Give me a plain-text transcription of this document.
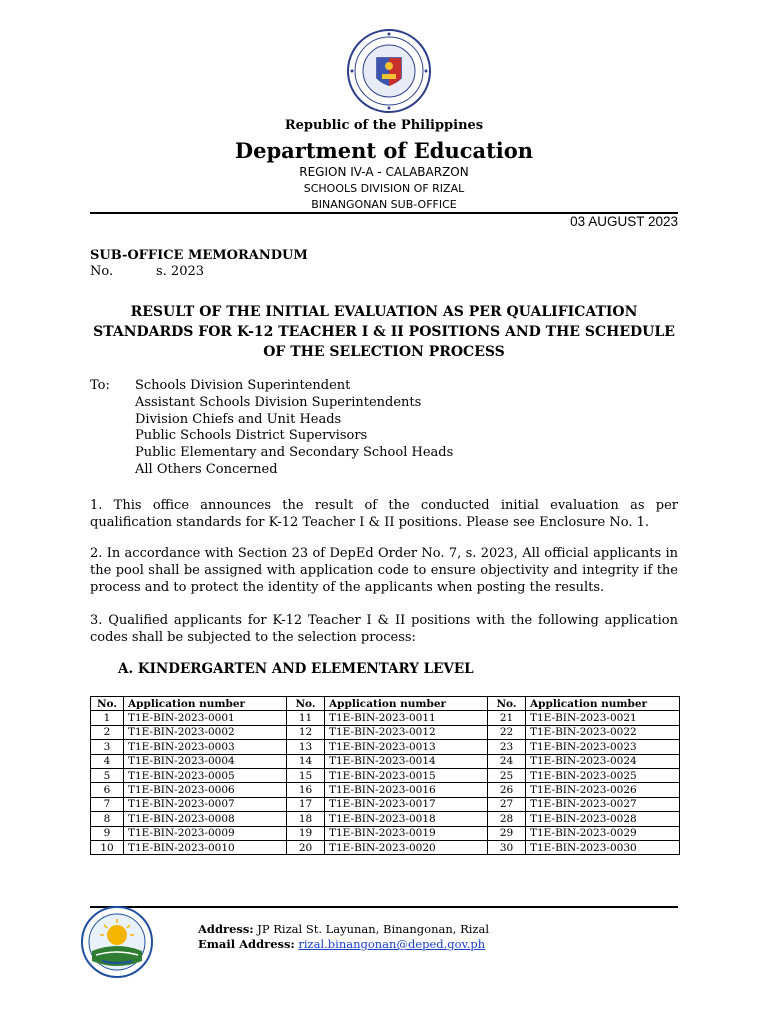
Republic of the Philippines
Department of Education
REGION IV-A - CALABARZON
SCHOOLS DIVISION OF RIZAL
BINANGONAN SUB-OFFICE
03 AUGUST 2023
SUB-OFFICE MEMORANDUM
No.	s. 2023
RESULT OF THE INITIAL EVALUATION AS PER QUALIFICATION STANDARDS FOR K-12 TEACHER I & II POSITIONS AND THE SCHEDULE OF THE SELECTION PROCESS
To: Schools Division Superintendent
Assistant Schools Division Superintendents
Division Chiefs and Unit Heads
Public Schools District Supervisors
Public Elementary and Secondary School Heads
All Others Concerned

1. This office announces the result of the conducted initial evaluation as per qualification standards for K-12 Teacher I & II positions. Please see Enclosure No. 1.

2. In accordance with Section 23 of DepEd Order No. 7, s. 2023, All official applicants in the pool shall be assigned with application code to ensure objectivity and integrity if the process and to protect the identity of the applicants when posting the results.

3. Qualified applicants for K-12 Teacher I & II positions with the following application codes shall be subjected to the selection process:

A. KINDERGARTEN AND ELEMENTARY LEVEL
No.	Application number	No.	Application number	No.	Application number
1	T1E-BIN-2023-0001	11	T1E-BIN-2023-0011	21	T1E-BIN-2023-0021
2	T1E-BIN-2023-0002	12	T1E-BIN-2023-0012	22	T1E-BIN-2023-0022
3	T1E-BIN-2023-0003	13	T1E-BIN-2023-0013	23	T1E-BIN-2023-0023
4	T1E-BIN-2023-0004	14	T1E-BIN-2023-0014	24	T1E-BIN-2023-0024
5	T1E-BIN-2023-0005	15	T1E-BIN-2023-0015	25	T1E-BIN-2023-0025
6	T1E-BIN-2023-0006	16	T1E-BIN-2023-0016	26	T1E-BIN-2023-0026
7	T1E-BIN-2023-0007	17	T1E-BIN-2023-0017	27	T1E-BIN-2023-0027
8	T1E-BIN-2023-0008	18	T1E-BIN-2023-0018	28	T1E-BIN-2023-0028
9	T1E-BIN-2023-0009	19	T1E-BIN-2023-0019	29	T1E-BIN-2023-0029
10	T1E-BIN-2023-0010	20	T1E-BIN-2023-0020	30	T1E-BIN-2023-0030
Address: JP Rizal St. Layunan, Binangonan, Rizal
Email Address: rizal.binangonan@deped.gov.ph
